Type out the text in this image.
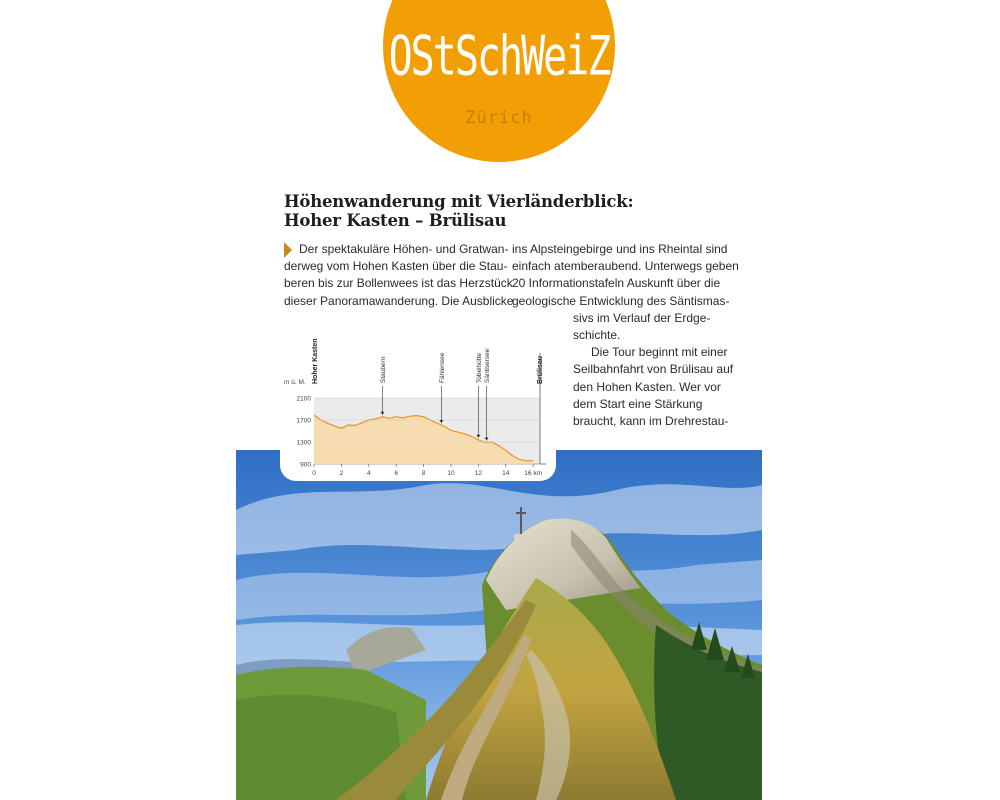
OStSchWeiZ
Zürich
Höhenwanderung mit Vierländerblick:
Hoher Kasten – Brülisau
Der spektakuläre Höhen- und Gratwan-
derweg vom Hohen Kasten über die Stau-
beren bis zur Bollenwees ist das Herzstück
dieser Panoramawanderung. Die Ausblicke
ins Alpsteingebirge und ins Rheintal sind
einfach atemberaubend. Unterwegs geben
20 Informationstafeln Auskunft über die
geologische Entwicklung des Säntismas-
sivs im Verlauf der Erdge-
schichte.
Die Tour beginnt mit einer
Seilbahnfahrt von Brülisau auf
den Hohen Kasten. Wer vor
dem Start eine Stärkung
braucht, kann im Drehrestau-
900
1300
1700
2100
0	2	4	6	8	10	12	14 16 km
Staubern	Fählensee	Tobelhütte Säntisersee
Hoher Kasten	Brülisau
m ü. M.
